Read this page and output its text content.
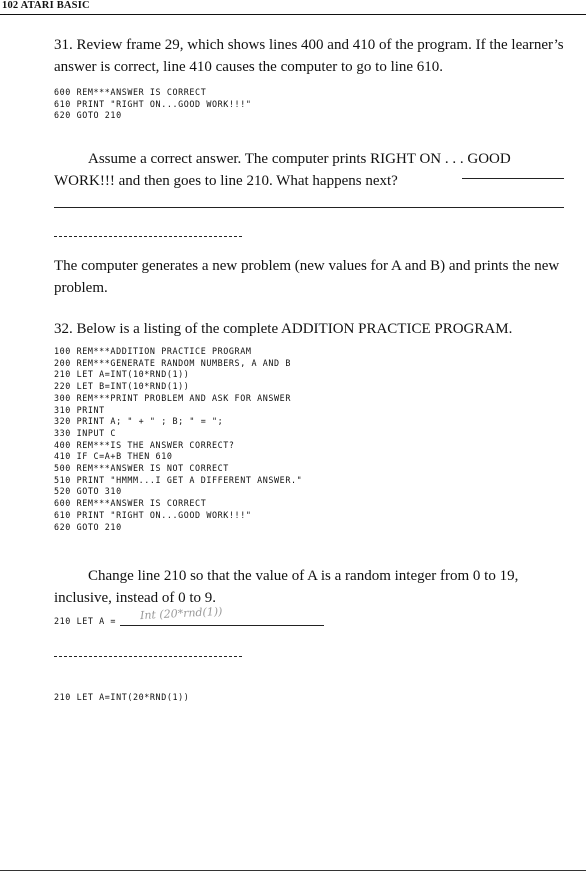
102 ATARI BASIC

31. Review frame 29, which shows lines 400 and 410 of the program. If the learner’s answer is correct, line 410 causes the computer to go to line 610.

600 REM***ANSWER IS CORRECT
610 PRINT "RIGHT ON...GOOD WORK!!!"
620 GOTO 210

Assume a correct answer. The computer prints RIGHT ON . . . GOOD WORK!!! and then goes to line 210. What happens next?

The computer generates a new problem (new values for A and B) and prints the new problem.

32. Below is a listing of the complete ADDITION PRACTICE PROGRAM.

100 REM***ADDITION PRACTICE PROGRAM
200 REM***GENERATE RANDOM NUMBERS, A AND B
210 LET A=INT(10*RND(1))
220 LET B=INT(10*RND(1))
300 REM***PRINT PROBLEM AND ASK FOR ANSWER
310 PRINT
320 PRINT A; " + " ; B; " = ";
330 INPUT C
400 REM***IS THE ANSWER CORRECT?
410 IF C=A+B THEN 610
500 REM***ANSWER IS NOT CORRECT
510 PRINT "HMMM...I GET A DIFFERENT ANSWER."
520 GOTO 310
600 REM***ANSWER IS CORRECT
610 PRINT "RIGHT ON...GOOD WORK!!!"
620 GOTO 210

Change line 210 so that the value of A is a random integer from 0 to 19, inclusive, instead of 0 to 9.

210 LET A = Int (20*rnd(1))
210 LET A=INT(20*RND(1))
